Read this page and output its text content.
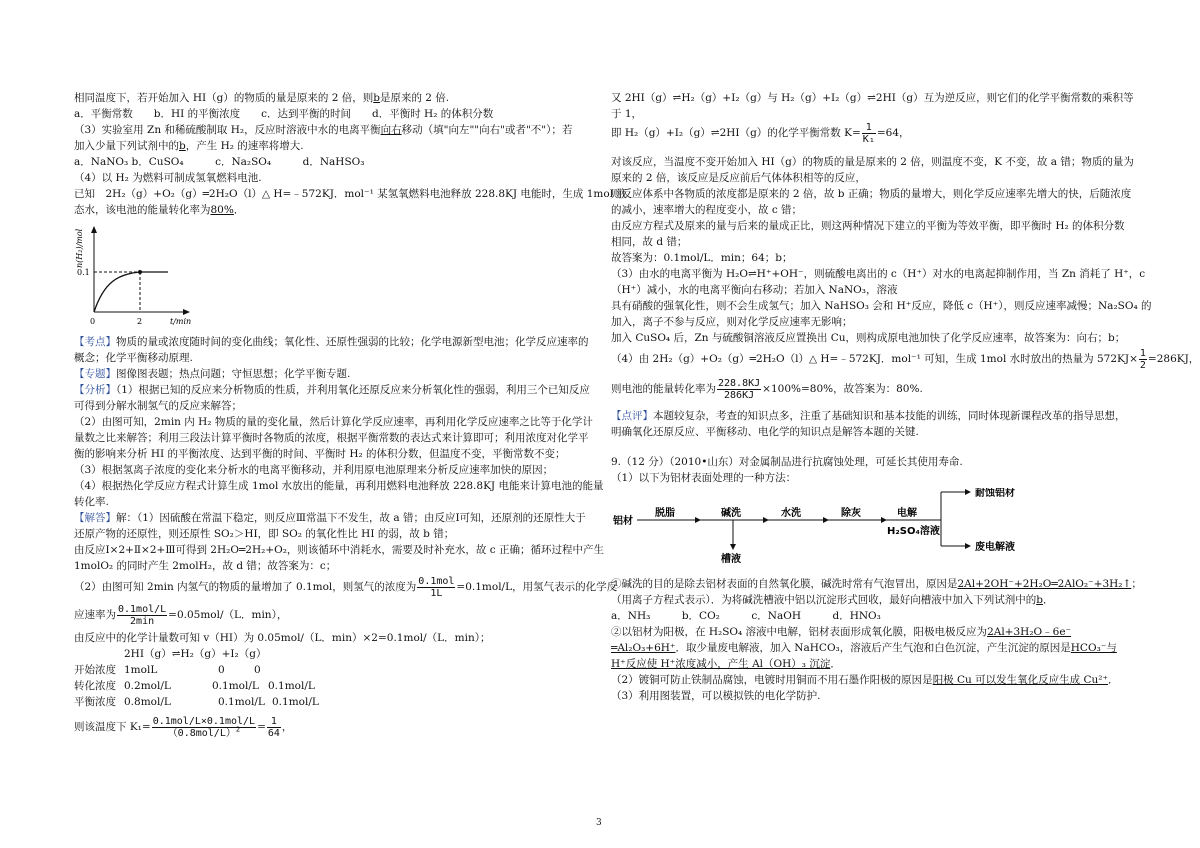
相同温度下，若开始加入 HI（g）的物质的量是原来的 2 倍，则b是原来的 2 倍.
a．平衡常数　　b．HI 的平衡浓度　　c．达到平衡的时间　　d．平衡时 H₂ 的体积分数
（3）实验室用 Zn 和稀硫酸制取 H₂，反应时溶液中水的电离平衡向右移动（填"向左""向右"或者"不"）；若
加入少量下列试剂中的b，产生 H₂ 的速率将增大.
a．NaNO₃ b．CuSO₄　　　c．Na₂SO₄　　　d．NaHSO₃
（4）以 H₂ 为燃料可制成氢氧燃料电池.
已知　2H₂（g）+O₂（g）═2H₂O（l）△ H=﹣572KJ．mol⁻¹ 某氢氧燃料电池释放 228.8KJ 电能时，生成 1mol 液
态水，该电池的能量转化率为80%．
n(H₂)/mol
0.1
0	2	t/min
【考点】物质的量或浓度随时间的变化曲线；氧化性、还原性强弱的比较；化学电源新型电池；化学反应速率的
概念；化学平衡移动原理.
【专题】图像图表题；热点问题；守恒思想；化学平衡专题.
【分析】（1）根据已知的反应来分析物质的性质，并利用氧化还原反应来分析氧化性的强弱，利用三个已知反应
可得到分解水制氢气的反应来解答；
（2）由图可知，2min 内 H₂ 物质的量的变化量，然后计算化学反应速率，再利用化学反应速率之比等于化学计
量数之比来解答；利用三段法计算平衡时各物质的浓度，根据平衡常数的表达式来计算即可；利用浓度对化学平
衡的影响来分析 HI 的平衡浓度、达到平衡的时间、平衡时 H₂ 的体积分数，但温度不变，平衡常数不变；
（3）根据氢离子浓度的变化来分析水的电离平衡移动，并利用原电池原理来分析反应速率加快的原因；
（4）根据热化学反应方程式计算生成 1mol 水放出的能量，再利用燃料电池释放 228.8KJ 电能来计算电池的能量
转化率.
【解答】解：（1）因硫酸在常温下稳定，则反应Ⅲ常温下不发生，故 a 错；由反应Ⅰ可知，还原剂的还原性大于
还原产物的还原性，则还原性 SO₂＞HI，即 SO₂ 的氧化性比 HI 的弱，故 b 错；
由反应Ⅰ×2+Ⅱ×2+Ⅲ可得到 2H₂O═2H₂+O₂，则该循环中消耗水，需要及时补充水，故 c 正确；循环过程中产生
1molO₂ 的同时产生 2molH₂，故 d 错；故答案为：c；
（2）由图可知 2min 内氢气的物质的量增加了 0.1mol，则氢气的浓度为 $\frac{\text{0.1mol}}{1L} =0.1mol/L$，用氢气表示的化学反
应速率为 $\frac{\text{0.1mol/L}}{2\min} =0.05mol/(L$．min），
由反应中的化学计量数可知 v（HI）为 0.05mol/（L．min）×2=0.1mol/（L．min）；
2HI（g）⇌H₂（g）+I₂（g）
开始浓度 1molL	0	0
转化浓度 0.2mol/L	0.1mol/L 0.1mol/L
平衡浓度 0.8mol/L	0.1mol/L 0.1mol/L
则该温度下 $K_1= \frac{\text{0.1mol/L×0.1mol/L}}{(0.8mol/L)^2} = \frac{1}{64}$ ，
又 2HI（g）⇌H₂（g）+I₂（g）与 H₂（g）+I₂（g）⇌2HI（g）互为逆反应，则它们的化学平衡常数的乘积等
于 1，
即 H₂（g）+I₂（g）⇌2HI（g）的化学平衡常数 $K= \frac{1}{\text{K₁}} =64$，
对该反应，当温度不变开始加入 HI（g）的物质的量是原来的 2 倍，则温度不变，K 不变，故 a 错；物质的量为
原来的 2 倍，该反应是反应前后气体体积相等的反应，
则反应体系中各物质的浓度都是原来的 2 倍，故 b 正确；物质的量增大，则化学反应速率先增大的快，后随浓度
的减小，速率增大的程度变小，故 c 错；
由反应方程式及原来的量与后来的量成正比，则这两种情况下建立的平衡为等效平衡，即平衡时 H₂ 的体积分数
相同，故 d 错；
故答案为：0.1mol/L．min；64；b；
（3）由水的电离平衡为 H₂O⇌H⁺+OH⁻，则硫酸电离出的 c（H⁺）对水的电离起抑制作用，当 Zn 消耗了 H⁺，c
（H⁺）减小，水的电离平衡向右移动；若加入 NaNO₃，溶液
具有硝酸的强氧化性，则不会生成氢气；加入 NaHSO₃ 会和 H⁺反应，降低 c（H⁺），则反应速率减慢；Na₂SO₄ 的
加入，离子不参与反应，则对化学反应速率无影响；
加入 CuSO₄ 后，Zn 与硫酸铜溶液反应置换出 Cu，则构成原电池加快了化学反应速率，故答案为：向右；b；
（4）由 2H₂（g）+O₂（g）═2H₂O（l）△ H=﹣572KJ．mol⁻¹ 可知，生成 1mol 水时放出的热量为 $572KJ\times \frac{1}{2} =286KJ$，
则电池的能量转化率为 $\frac{228.8KJ}{286KJ} \times 100\%=80\%$，故答案为：80%.
【点评】本题较复杂，考查的知识点多，注重了基础知识和基本技能的训练，同时体现新课程改革的指导思想，
明确氧化还原反应、平衡移动、电化学的知识点是解答本题的关键.
9.（12 分）（2010•山东）对金属制品进行抗腐蚀处理，可延长其使用寿命.
（1）以下为铝材表面处理的一种方法：
铝材
脱脂	碱洗	水洗	除灰	电解
H₂SO₄溶液
槽液
耐蚀铝材
废电解液
①碱洗的目的是除去铝材表面的自然氧化膜，碱洗时常有气泡冒出，原因是2Al+2OH⁻+2H₂O═2AlO₂⁻+3H₂↑；
（用离子方程式表示）．为将碱洗槽液中铝以沉淀形式回收，最好向槽液中加入下列试剂中的b．
a．NH₃　　　b．CO₂　　　c．NaOH　　　d．HNO₃
②以铝材为阳极，在 H₂SO₄ 溶液中电解，铝材表面形成氧化膜，阳极电极反应为2Al+3H₂O﹣6e⁻
═Al₂O₃+6H⁺．取少量废电解液，加入 NaHCO₃，溶液后产生气泡和白色沉淀，产生沉淀的原因是HCO₃⁻与
H⁺反应使 H⁺浓度减小，产生 Al（OH）₃ 沉淀．
（2）镀铜可防止铁制品腐蚀，电镀时用铜而不用石墨作阳极的原因是阳极 Cu 可以发生氧化反应生成 Cu²⁺．
（3）利用图装置，可以模拟铁的电化学防护.
3
